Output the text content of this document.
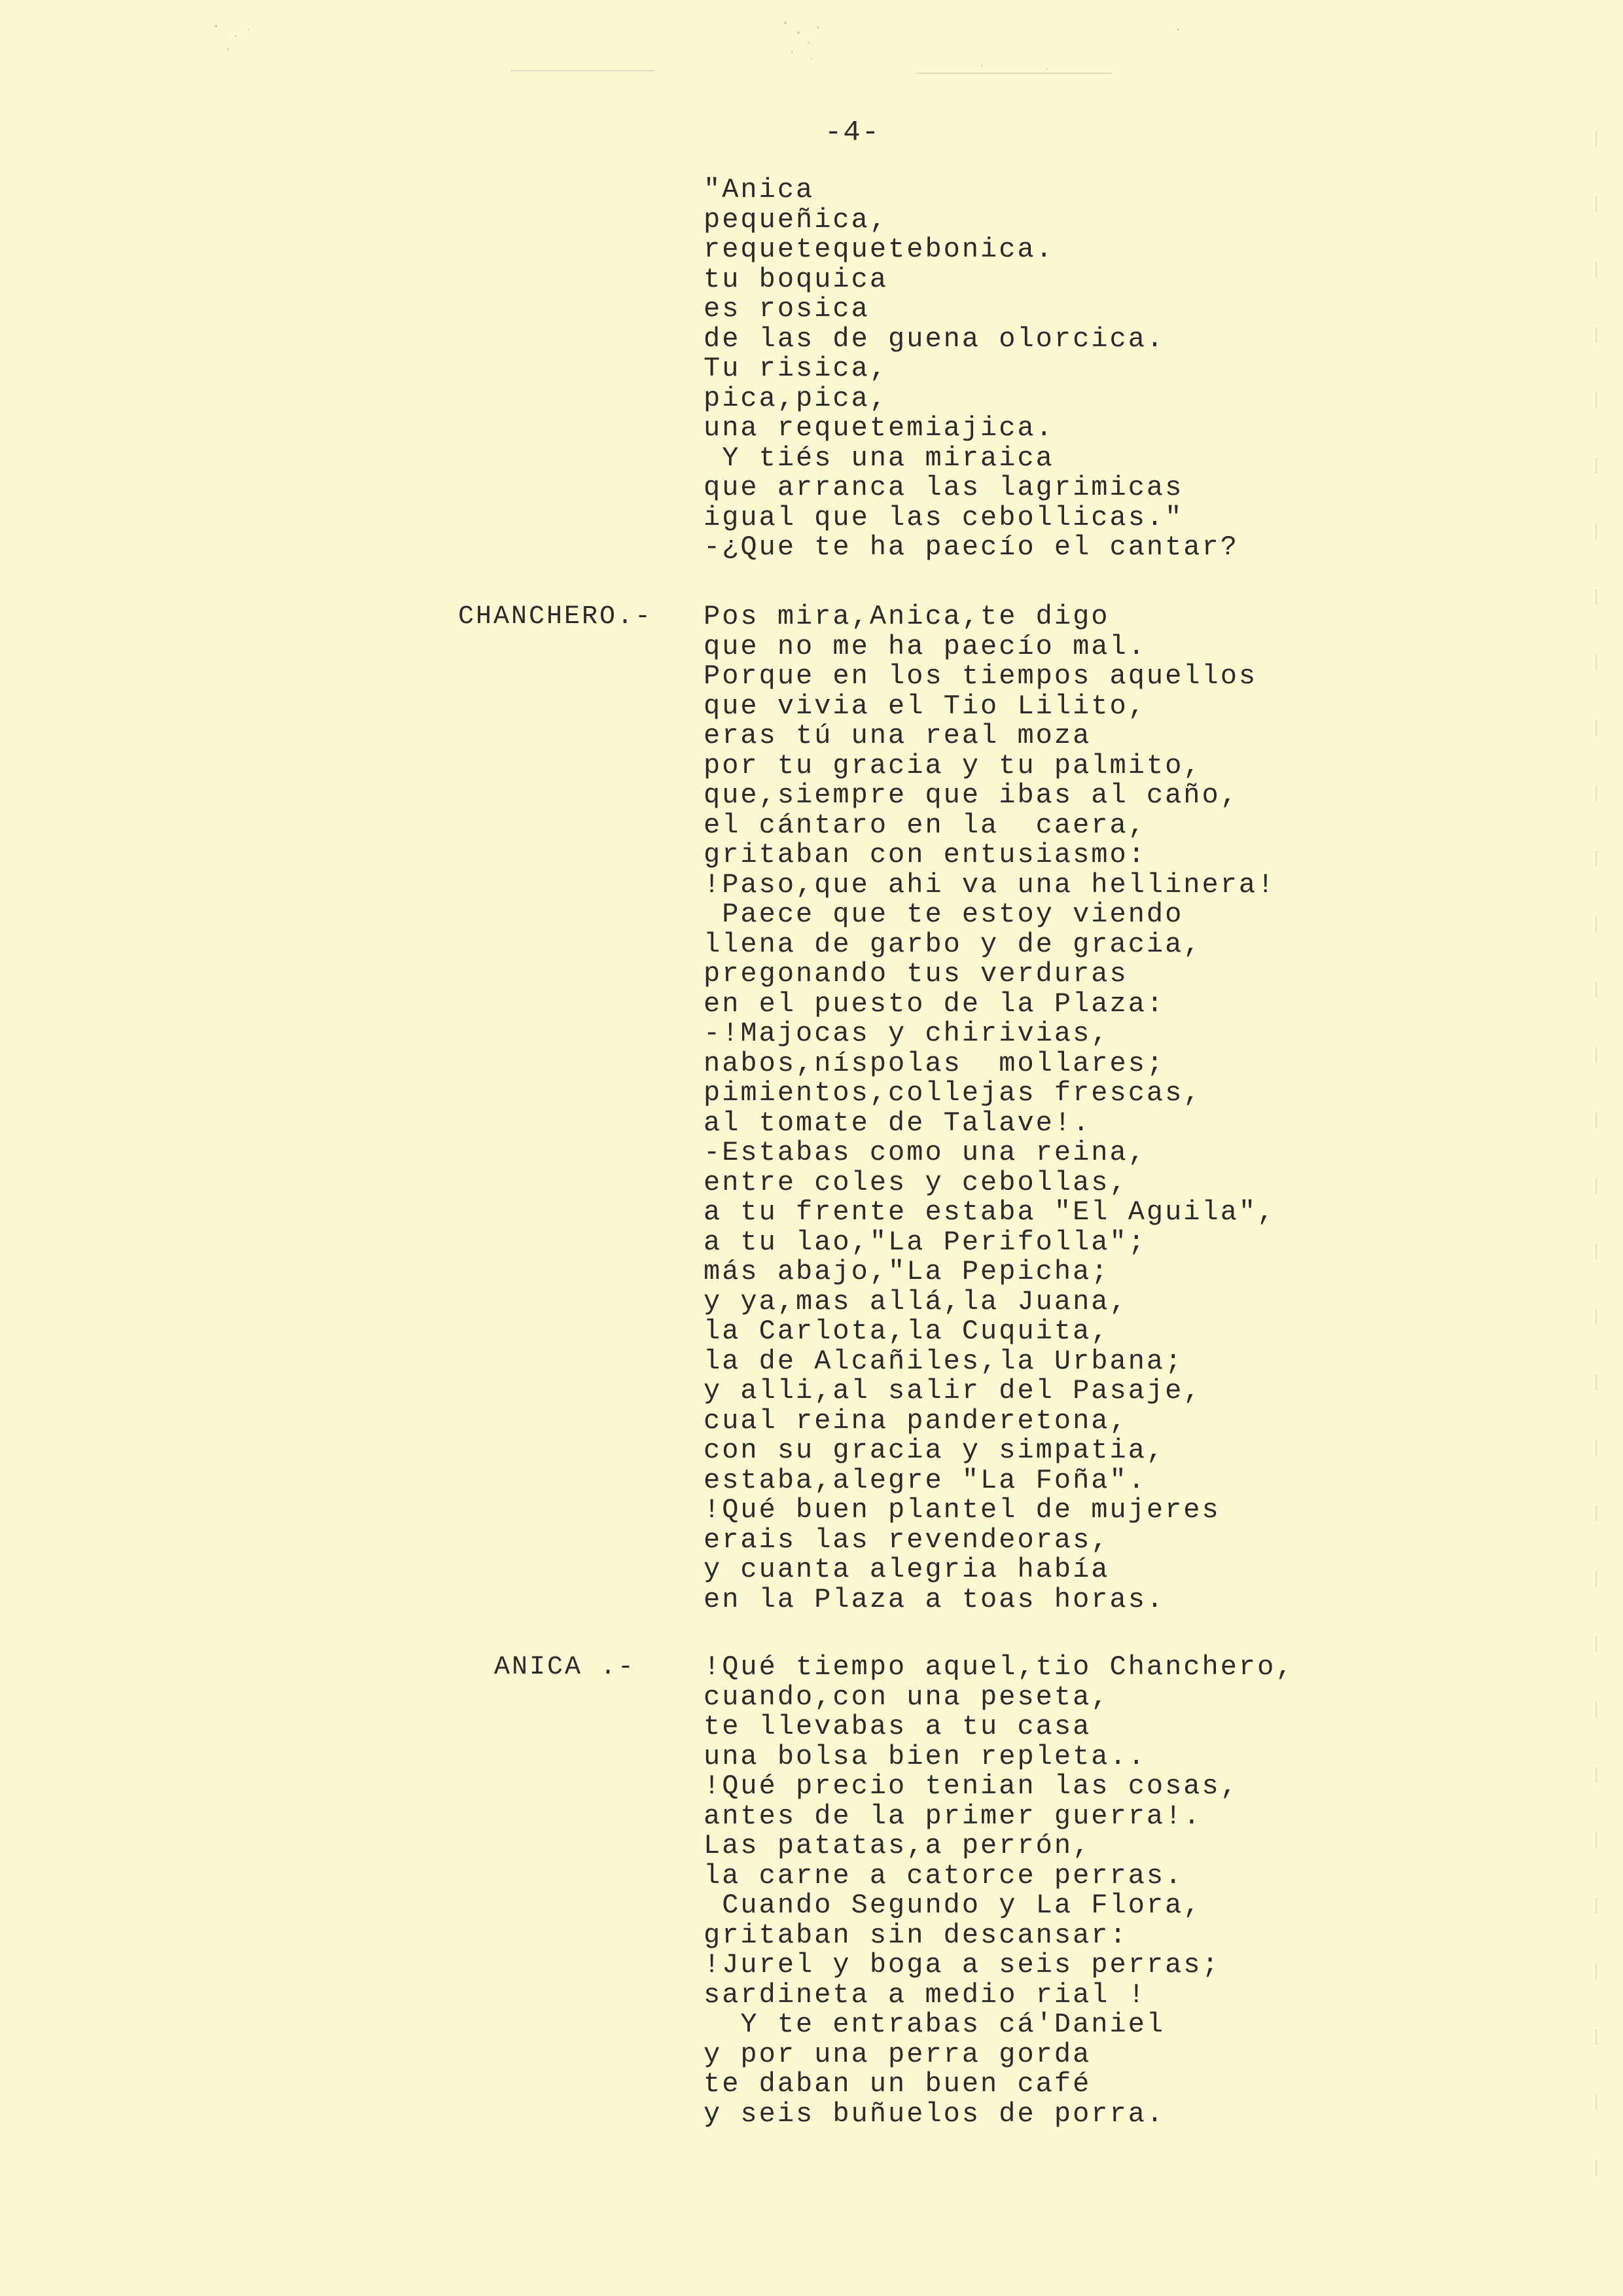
-4-
"Anica
pequeñica,
requetequetebonica.
tu boquica
es rosica
de las de guena olorcica.
Tu risica,
pica,pica,
una requetemiajica.
Y tiés una miraica
que arranca las lagrimicas
igual que las cebollicas."
-¿Que te ha paecío el cantar?
CHANCHERO.- Pos mira,Anica,te digo
que no me ha paecío mal.
Porque en los tiempos aquellos
que vivia el Tio Lilito,
eras tú una real moza
por tu gracia y tu palmito,
que,siempre que ibas al caño,
el cántaro en la  caera,
gritaban con entusiasmo:
!Paso,que ahi va una hellinera!
Paece que te estoy viendo
llena de garbo y de gracia,
pregonando tus verduras
en el puesto de la Plaza:
-!Majocas y chirivias,
nabos,níspolas  mollares;
pimientos,collejas frescas,
al tomate de Talave!.
-Estabas como una reina,
entre coles y cebollas,
a tu frente estaba "El Aguila",
a tu lao,"La Perifolla";
más abajo,"La Pepicha;
y ya,mas allá,la Juana,
la Carlota,la Cuquita,
la de Alcañiles,la Urbana;
y alli,al salir del Pasaje,
cual reina panderetona,
con su gracia y simpatia,
estaba,alegre "La Foña".
!Qué buen plantel de mujeres
erais las revendeoras,
y cuanta alegria había
en la Plaza a toas horas.
ANICA .- !Qué tiempo aquel,tio Chanchero,
cuando,con una peseta,
te llevabas a tu casa
una bolsa bien repleta..
!Qué precio tenian las cosas,
antes de la primer guerra!.
Las patatas,a perrón,
la carne a catorce perras.
Cuando Segundo y La Flora,
gritaban sin descansar:
!Jurel y boga a seis perras;
sardineta a medio rial !
Y te entrabas cá'Daniel
y por una perra gorda
te daban un buen café
y seis buñuelos de porra.
